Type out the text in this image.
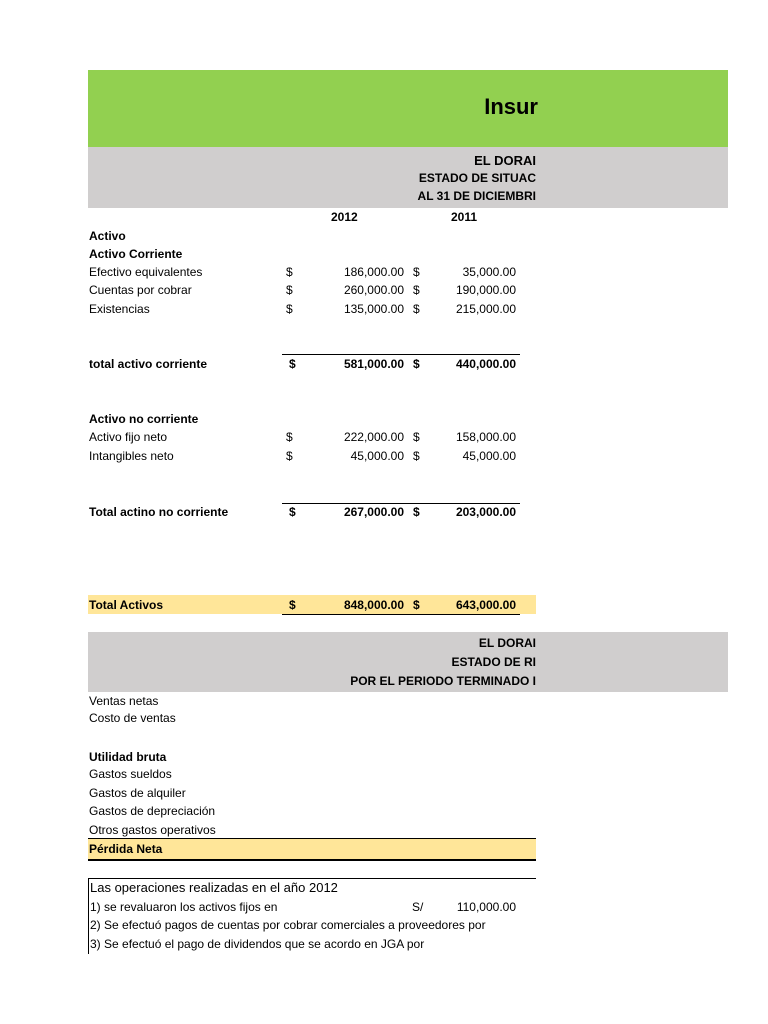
Insur
EL DORAI
ESTADO DE SITUAC
AL 31 DE DICIEMBRI
2012	2011
Activo
Activo Corriente
Efectivo equivalentes	$	186,000.00 $	35,000.00
Cuentas por cobrar	$	260,000.00 $	190,000.00
Existencias	$	135,000.00 $	215,000.00
total activo corriente	$	581,000.00 $	440,000.00
Activo no corriente
Activo fijo neto	$	222,000.00 $	158,000.00
Intangibles neto	$	45,000.00 $	45,000.00
Total actino no corriente	$	267,000.00 $	203,000.00
Total Activos	$	848,000.00 $	643,000.00
EL DORAI
ESTADO DE RI
POR EL PERIODO TERMINADO I
Ventas netas
Costo de ventas
Utilidad bruta
Gastos sueldos
Gastos de alquiler
Gastos de depreciación
Otros gastos operativos
Pérdida Neta
Las operaciones realizadas en el año 2012
1) se revaluaron los activos fijos en	S/	110,000.00
2) Se efectuó pagos de cuentas por cobrar comerciales a proveedores por
3) Se efectuó el pago de dividendos que se acordo en JGA por
